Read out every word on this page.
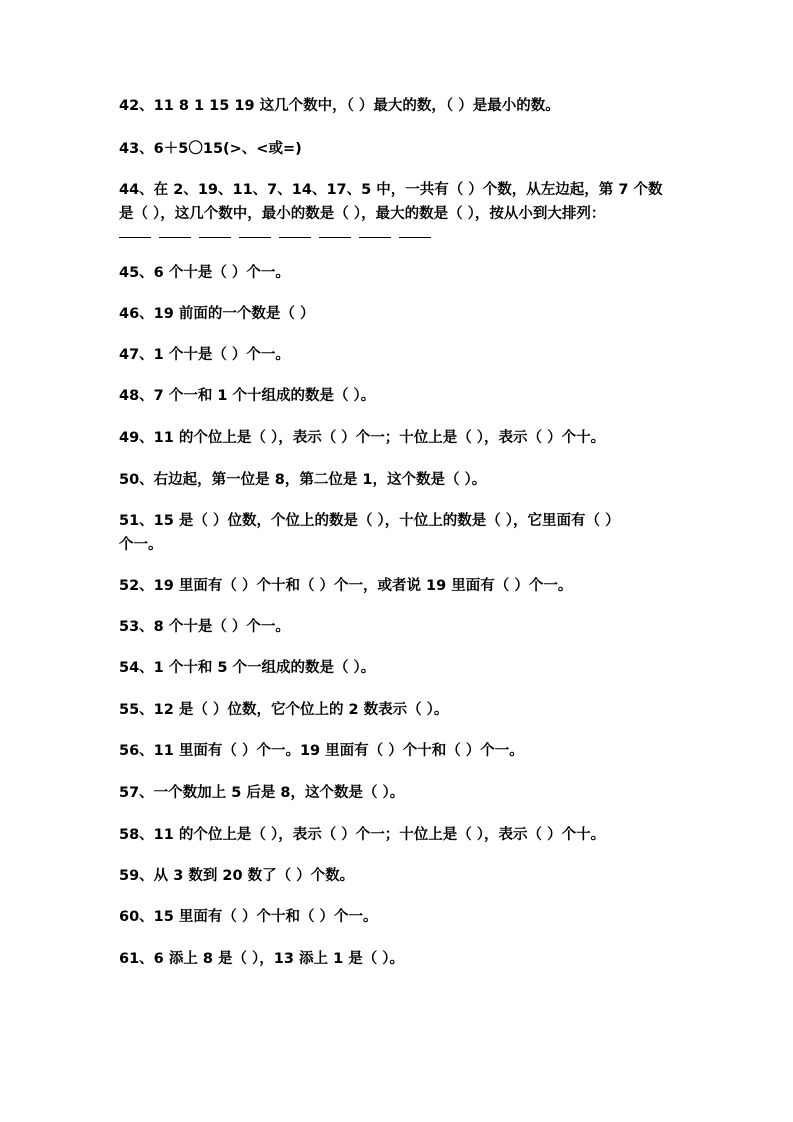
42、11 8 1 15 19 这几个数中，（ ）最大的数，（ ）是最小的数。
43、6＋5〇15(>、<或=)
44、在 2、19、11、7、14、17、5 中，一共有（ ）个数，从左边起，第 7 个数
是（ ），这几个数中，最小的数是（ ），最大的数是（ ），按从小到大排列：
45、6 个十是（ ）个一。
46、19 前面的一个数是（ ）
47、1 个十是（ ）个一。
48、7 个一和 1 个十组成的数是（ ）。
49、11 的个位上是（ ），表示（ ）个一；十位上是（ ），表示（ ）个十。
50、右边起，第一位是 8，第二位是 1，这个数是（ ）。
51、15 是（ ）位数，个位上的数是（ ），十位上的数是（ ），它里面有（ ）
个一。
52、19 里面有（ ）个十和（ ）个一，或者说 19 里面有（ ）个一。
53、8 个十是（ ）个一。
54、1 个十和 5 个一组成的数是（ ）。
55、12 是（ ）位数，它个位上的 2 数表示（ ）。
56、11 里面有（ ）个一。19 里面有（ ）个十和（ ）个一。
57、一个数加上 5 后是 8，这个数是（ ）。
58、11 的个位上是（ ），表示（ ）个一；十位上是（ ），表示（ ）个十。
59、从 3 数到 20 数了（ ）个数。
60、15 里面有（ ）个十和（ ）个一。
61、6 添上 8 是（ ），13 添上 1 是（ ）。
